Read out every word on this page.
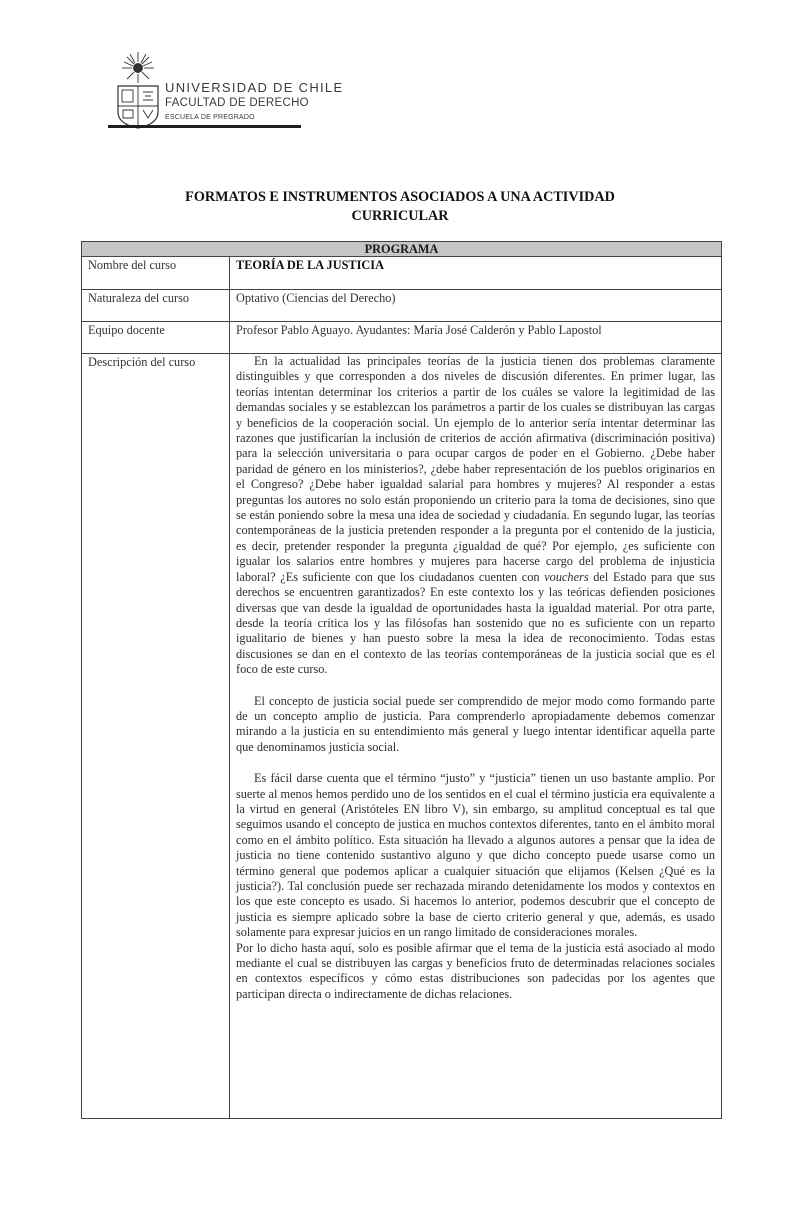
UNIVERSIDAD DE CHILE
FACULTAD DE DERECHO
ESCUELA DE PREGRADO
FORMATOS E INSTRUMENTOS ASOCIADOS A UNA ACTIVIDAD
CURRICULAR
PROGRAMA	
Nombre del curso	TEORÍA DE LA JUSTICIA
Naturaleza del curso	Optativo (Ciencias del Derecho)
Equipo docente	Profesor Pablo Aguayo. Ayudantes: María José Calderón y Pablo Lapostol
Descripción del curso	En la actualidad las principales teorías de la justicia tienen dos problemas claramente distinguibles y que corresponden a dos niveles de discusión diferentes. En primer lugar, las teorías intentan determinar los criterios a partir de los cuáles se valore la legitimidad de las demandas sociales y se establezcan los parámetros a partir de los cuales se distribuyan las cargas y beneficios de la cooperación social. Un ejemplo de lo anterior sería intentar determinar las razones que justificarían la inclusión de criterios de acción afirmativa (discriminación positiva) para la selección universitaria o para ocupar cargos de poder en el Gobierno. ¿Debe haber paridad de género en los ministerios?, ¿debe haber representación de los pueblos originarios en el Congreso? ¿Debe haber igualdad salarial para hombres y mujeres? Al responder a estas preguntas los autores no solo están proponiendo un criterio para la toma de decisiones, sino que se están poniendo sobre la mesa una idea de sociedad y ciudadanía. En segundo lugar, las teorías contemporáneas de la justicia pretenden responder a la pregunta por el contenido de la justicia, es decir, pretender responder la pregunta ¿igualdad de qué? Por ejemplo, ¿es suficiente con igualar los salarios entre hombres y mujeres para hacerse cargo del problema de injusticia laboral? ¿Es suficiente con que los ciudadanos cuenten con vouchers del Estado para que sus derechos se encuentren garantizados? En este contexto los y las teóricas defienden posiciones diversas que van desde la igualdad de oportunidades hasta la igualdad material. Por otra parte, desde la teoría crítica los y las filósofas han sostenido que no es suficiente con un reparto igualitario de bienes y han puesto sobre la mesa la idea de reconocimiento. Todas estas discusiones se dan en el contexto de las teorías contemporáneas de la justicia social que es el foco de este curso.

El concepto de justicia social puede ser comprendido de mejor modo como formando parte de un concepto amplio de justicia. Para comprenderlo apropiadamente debemos comenzar mirando a la justicia en su entendimiento más general y luego intentar identificar aquella parte que denominamos justicia social.

Es fácil darse cuenta que el término “justo” y “justicia” tienen un uso bastante amplio. Por suerte al menos hemos perdido uno de los sentidos en el cual el término justicia era equivalente a la virtud en general (Aristóteles EN libro V), sin embargo, su amplitud conceptual es tal que seguimos usando el concepto de justica en muchos contextos diferentes, tanto en el ámbito moral como en el ámbito político. Esta situación ha llevado a algunos autores a pensar que la idea de justicia no tiene contenido sustantivo alguno y que dicho concepto puede usarse como un término general que podemos aplicar a cualquier situación que elijamos (Kelsen ¿Qué es la justicia?). Tal conclusión puede ser rechazada mirando detenidamente los modos y contextos en los que este concepto es usado. Si hacemos lo anterior, podemos descubrir que el concepto de justicia es siempre aplicado sobre la base de cierto criterio general y que, además, es usado solamente para expresar juicios en un rango limitado de consideraciones morales.

Por lo dicho hasta aquí, solo es posible afirmar que el tema de la justicia está asociado al modo mediante el cual se distribuyen las cargas y beneficios fruto de determinadas relaciones sociales en contextos específicos y cómo estas distribuciones son padecidas por los agentes que participan directa o indirectamente de dichas relaciones.
